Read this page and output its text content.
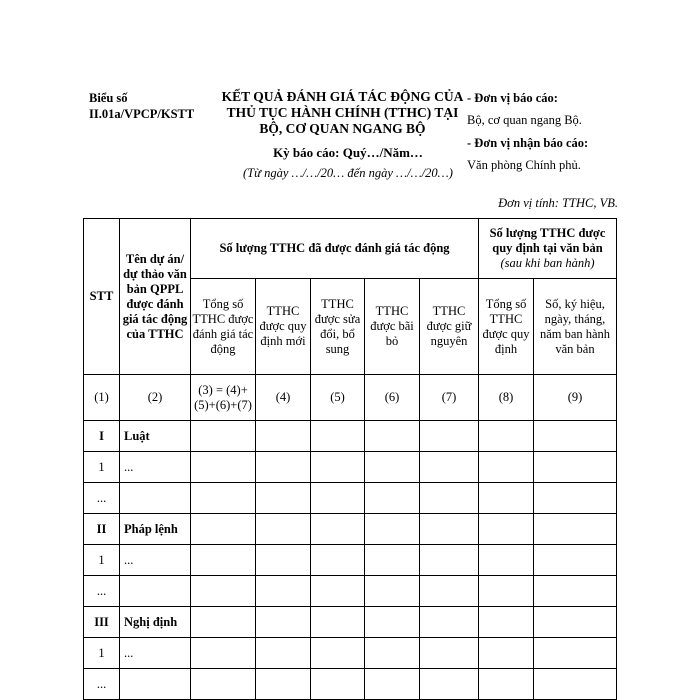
Biểu số
II.01a/VPCP/KSTT
KẾT QUẢ ĐÁNH GIÁ TÁC ĐỘNG CỦA
THỦ TỤC HÀNH CHÍNH (TTHC) TẠI
BỘ, CƠ QUAN NGANG BỘ
Kỳ báo cáo: Quý…/Năm…
(Từ ngày …/…/20… đến ngày …/…/20…)
- Đơn vị báo cáo:
Bộ, cơ quan ngang Bộ.
- Đơn vị nhận báo cáo:
Văn phòng Chính phủ.
Đơn vị tính: TTHC, VB.
STT	Tên dự án/ dự thảo văn bản QPPL được đánh giá tác động của TTHC	Số lượng TTHC đã được đánh giá tác động					Số lượng TTHC được quy định tại văn bản (sau khi ban hành)	
		Tổng số TTHC được đánh giá tác động	TTHC được quy định mới	TTHC được sửa đổi, bổ sung	TTHC được bãi bỏ	TTHC được giữ nguyên	Tổng số TTHC được quy định	Số, ký hiệu, ngày, tháng, năm ban hành văn bản
(1)	(2)	(3) = (4)+(5)+(6)+(7)	(4)	(5)	(6)	(7)	(8)	(9)
I	Luật							
1	...							
...								
II	Pháp lệnh							
1	...							
...								
III	Nghị định							
1	...							
...								
